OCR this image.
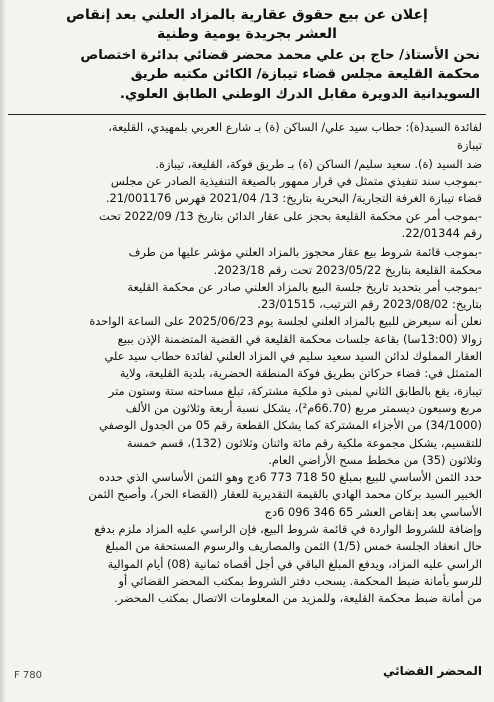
إعلان عن بيع حقوق عقارية بالمزاد العلني بعد إنقاص
العشر بجريدة يومية وطنية
نحن الأستاذ/ حاج بن علي محمد محضر قضائي بدائرة اختصاص
محكمة القليعة مجلس قضاء تيبازة/ الكائن مكتبه طريق
السويدانية الدويرة مقابل الدرك الوطني الطابق العلوي.
لفائدة السيد(ة): حطاب سيد علي/ الساكن (ة) بـ شارع العربي بلمهيدي، القليعة،
تيبازة
ضد السيد (ة). سعيد سليم/ الساكن (ة) بـ طريق فوكة، القليعة، تيبازة.
-بموجب سند تنفيذي متمثل في قرار ممهور بالصيغة التنفيذية الصادر عن مجلس
قضاء تيبازة الغرفة التجارية/ البحرية بتاريخ: 13/ 2021/04 فهرس 21/001176.
-بموجب أمر عن محكمة القليعة بحجز على عقار الدائن بتاريخ 13/ 2022/09 تحت
رقم 22/01344.
-بموجب قائمة شروط بيع عقار محجوز بالمزاد العلني مؤشر عليها من طرف
محكمة القليعة بتاريخ 2023/05/22 تحت رقم 2023/18.
-بموجب أمر بتحديد تاريخ جلسة البيع بالمزاد العلني صادر عن محكمة القليعة
بتاريخ: 2023/08/02 رقم الترتيب، 23/01515.
نعلن أنه سيعرض للبيع بالمزاد العلني لجلسة يوم 2025/06/23 على الساعة الواحدة
زوالا (13:00سا) بقاعة جلسات محكمة القليعة في القضية المتضمنة الإذن ببيع
العقار المملوك لدائن السيد سعيد سليم في المزاد العلني لفائدة حطاب سيد علي
المتمثل في: قضاء حركاتن بطريق فوكة المنطقة الحضرية، بلدية القليعة، ولاية
تيبازة، يقع بالطابق الثاني لمبنى ذو ملكية مشتركة، تبلغ مساحته ستة وستون متر
مربع وسبعون ديسمتر مربع (66.70م²)، يشكل نسبة أربعة وثلاثون من الألف
(34/1000) من الأجزاء المشتركة كما يشكل القطعة رقم 05 من الجدول الوصفي
للتقسيم، يشكل مجموعة ملكية رقم مائة واثنان وثلاثون (132)، قسم خمسة
وثلاثون (35) من مخطط مسح الأراضي العام.
حدد الثمن الأساسي للبيع بمبلغ 50 718 773 6دج وهو الثمن الأساسي الذي حدده
الخبير السيد بركان محمد الهادي بالقيمة التقديرية للعقار (القضاء الحر)، وأصبح الثمن
الأساسي بعد إنقاص العشر 65 346 096 6دج
وإضافة للشروط الواردة في قائمة شروط البيع، فإن الراسي عليه المزاد ملزم بدفع
حال انعقاد الجلسة خمس (1/5) الثمن والمصاريف والرسوم المستحقة من المبلغ
الراسي عليه المزاد، ويدفع المبلغ الباقي في أجل أقصاه ثمانية (08) أيام الموالية
للرسو بأمانة ضبط المحكمة. يسحب دفتر الشروط بمكتب المحضر القضائي أو
من أمانة ضبط محكمة القليعة، وللمزيد من المعلومات الاتصال بمكتب المحضر.
المحضر القضائي
F 780
